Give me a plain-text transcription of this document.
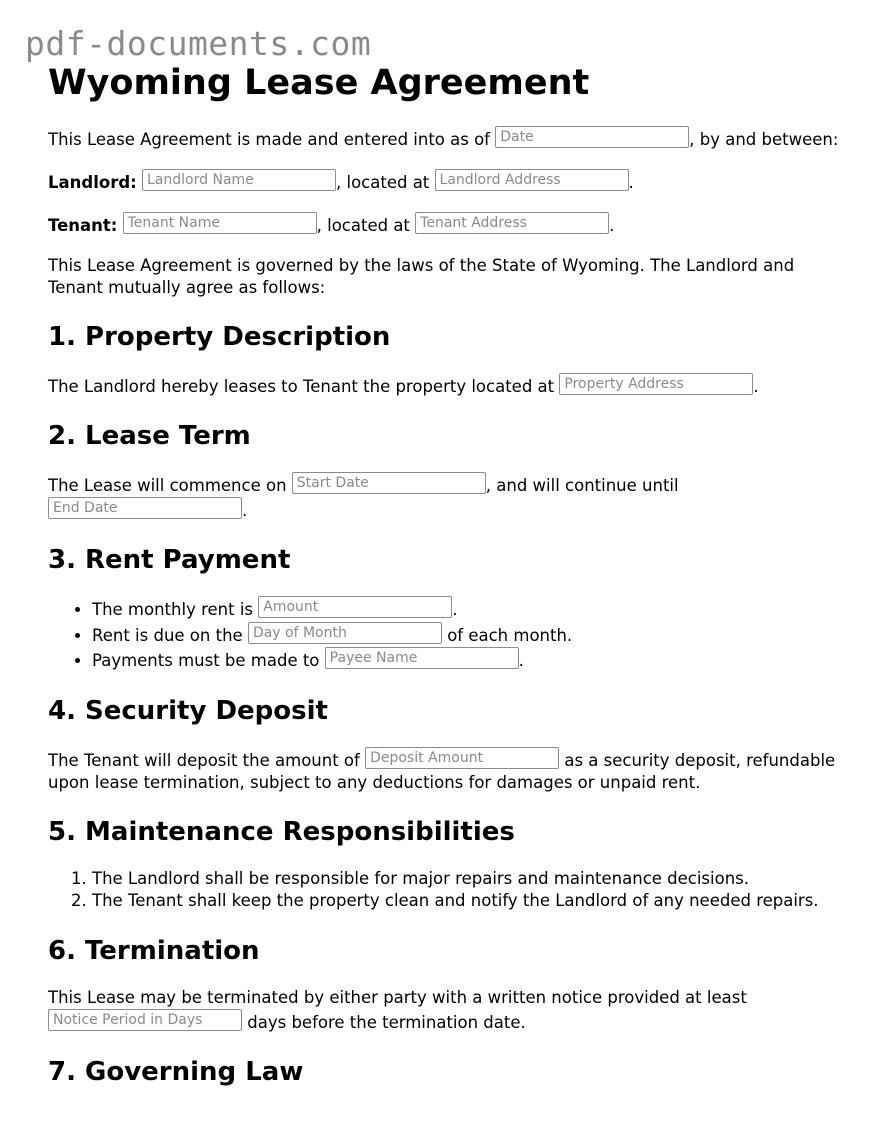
pdf-documents.com
Wyoming Lease Agreement

This Lease Agreement is made and entered into as of Date	, by and between:

Landlord: Landlord Name	, located at Landlord Address	.

Tenant: Tenant Name	, located at Tenant Address	.

This Lease Agreement is governed by the laws of the State of Wyoming. The Landlord and Tenant mutually agree as follows:

1. Property Description

The Landlord hereby leases to Tenant the property located at Property Address	.

2. Lease Term

The Lease will commence on Start Date	, and will continue until End Date	.

3. Rent Payment
• The monthly rent is Amount	.
• Rent is due on the Day of Month	of each month.
• Payments must be made to Payee Name	.
4. Security Deposit

The Tenant will deposit the amount of Deposit Amount	as a security deposit, refundable upon lease termination, subject to any deductions for damages or unpaid rent.

5. Maintenance Responsibilities
1. The Landlord shall be responsible for major repairs and maintenance decisions.
2. The Tenant shall keep the property clean and notify the Landlord of any needed repairs.
6. Termination

This Lease may be terminated by either party with a written notice provided at least Notice Period in Days	days before the termination date.

7. Governing Law
